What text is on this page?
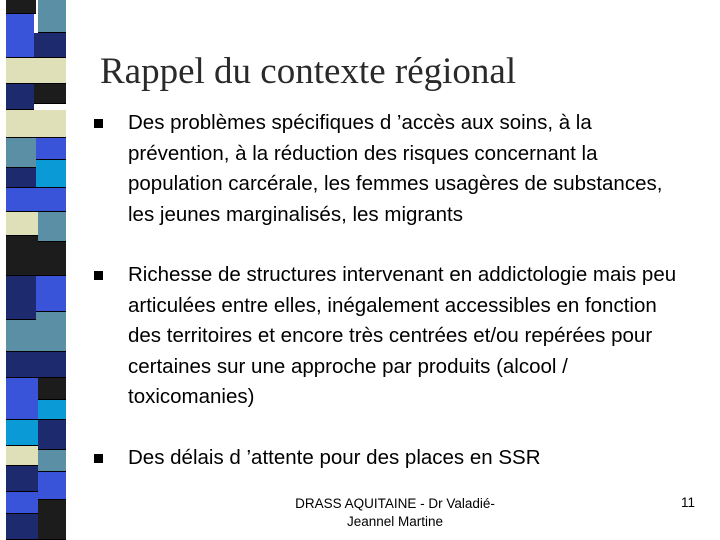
Rappel du contexte régional
Des problèmes spécifiques d ’accès aux soins, à la prévention, à la réduction des risques concernant la population carcérale, les femmes usagères de substances, les jeunes marginalisés, les migrants
Richesse de structures intervenant en addictologie mais peu articulées entre elles, inégalement accessibles en fonction des territoires et encore très centrées et/ou repérées pour certaines sur une approche par produits (alcool / toxicomanies)
Des délais d ’attente pour des places en SSR
DRASS AQUITAINE - Dr Valadié-
Jeannel Martine
11
